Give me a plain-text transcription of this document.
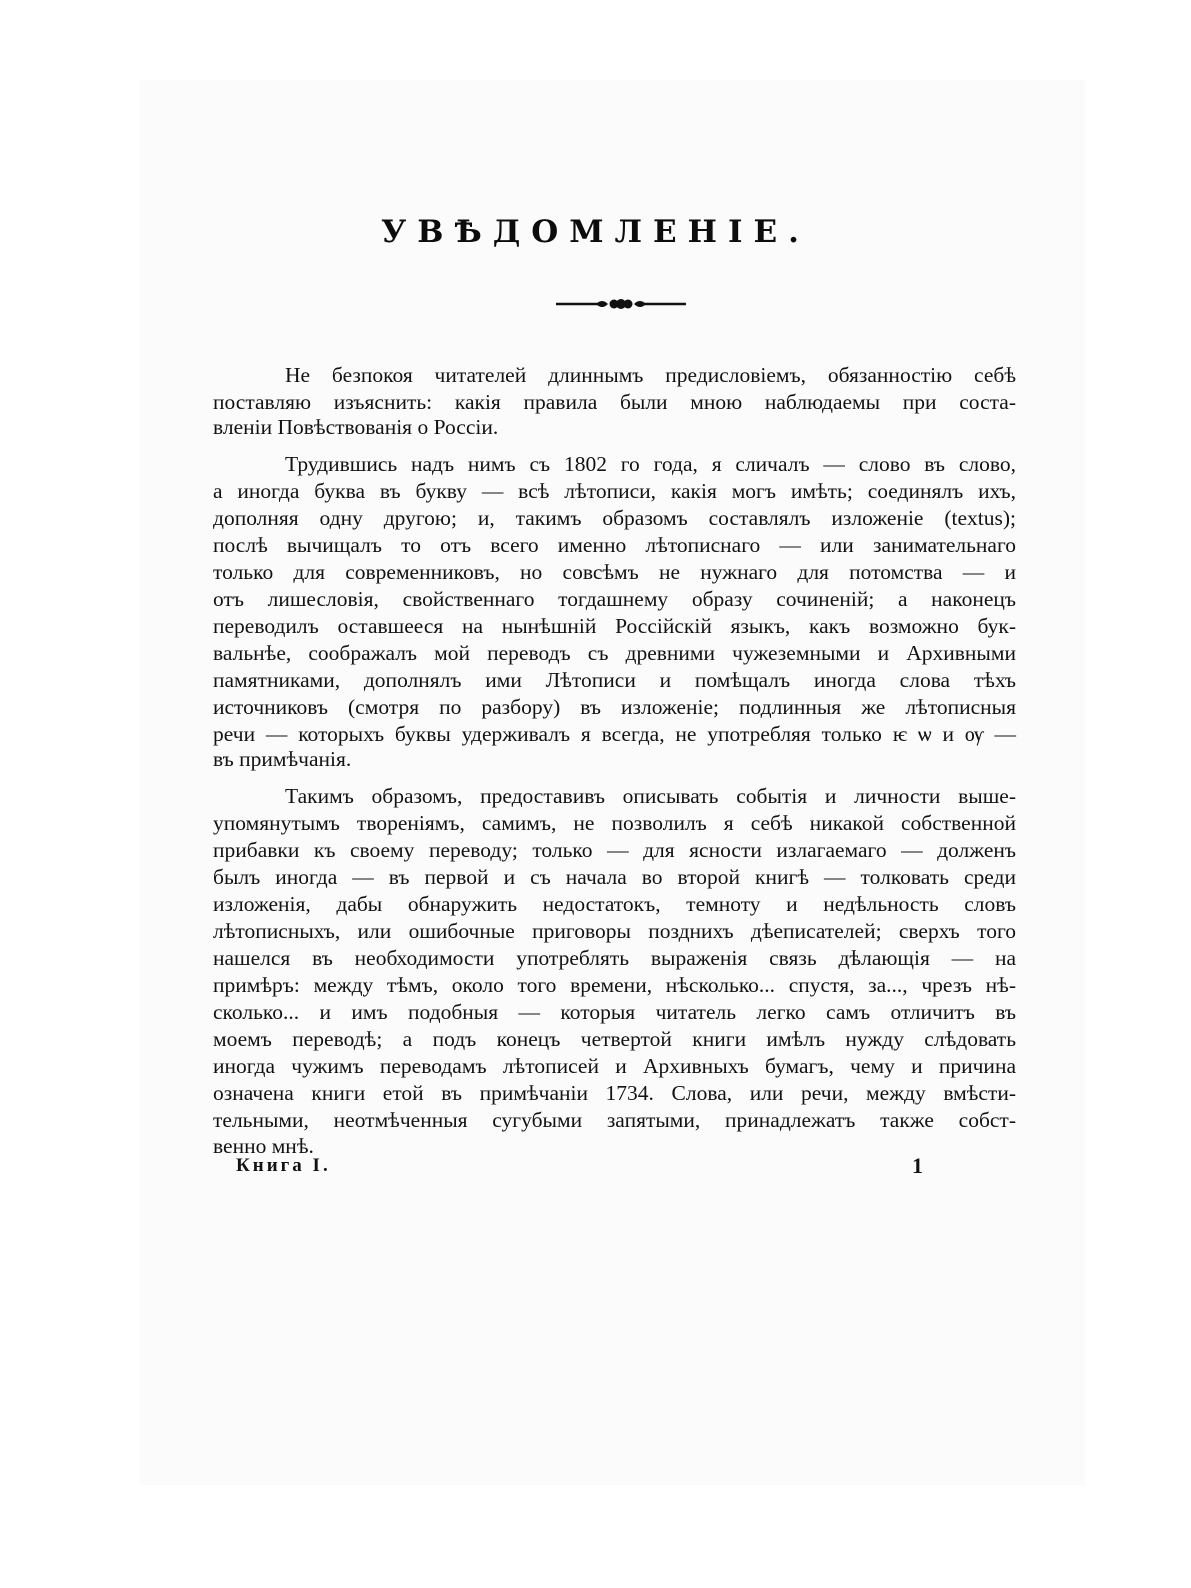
УВѢДОМЛЕНІЕ.
Не безпокоя читателей длиннымъ предисловіемъ, обязанностію себѣ
поставляю изъяснить: какія правила были мною наблюдаемы при соста-
вленіи Повѣствованія о Россіи.
Трудившись надъ нимъ съ 1802 го года, я сличалъ — слово въ слово,
а иногда буква въ букву — всѣ лѣтописи, какія могъ имѣть; соединялъ ихъ,
дополняя одну другою; и, такимъ образомъ составлялъ изложеніе (textus);
послѣ вычищалъ то отъ всего именно лѣтописнаго — или занимательнаго
только для современниковъ, но совсѣмъ не нужнаго для потомства — и
отъ лишесловія, свойственнаго тогдашнему образу сочиненій; а наконецъ
переводилъ оставшееся на нынѣшній Россійскій языкъ, какъ возможно бук-
вальнѣе, соображалъ мой переводъ съ древними чужеземными и Архивными
памятниками, дополнялъ ими Лѣтописи и помѣщалъ иногда слова тѣхъ
источниковъ (смотря по разбору) въ изложеніе; подлинныя же лѣтописныя
речи — которыхъ буквы удерживалъ я всегда, не употребляя только ѥ ѡ и ѹ —
въ примѣчанія.
Такимъ образомъ, предоставивъ описывать событія и личности выше-
упомянутымъ твореніямъ, самимъ, не позволилъ я себѣ никакой собственной
прибавки къ своему переводу; только — для ясности излагаемаго — долженъ
былъ иногда — въ первой и съ начала во второй книгѣ — толковать среди
изложенія, дабы обнаружить недостатокъ, темноту и недѣльность словъ
лѣтописныхъ, или ошибочные приговоры позднихъ дѣеписателей; сверхъ того
нашелся въ необходимости употреблять выраженія связь дѣлающія — на
примѣръ: между тѣмъ, около того времени, нѣсколько... спустя, за..., чрезъ нѣ-
сколько... и имъ подобныя — которыя читатель легко самъ отличитъ въ
моемъ переводѣ; а подъ конецъ четвертой книги имѣлъ нужду слѣдовать
иногда чужимъ переводамъ лѣтописей и Архивныхъ бумагъ, чему и причина
означена книги етой въ примѣчаніи 1734. Слова, или речи, между вмѣсти-
тельными, неотмѣченныя сугубыми запятыми, принадлежатъ также собст-
венно мнѣ.
Книга I.	1
